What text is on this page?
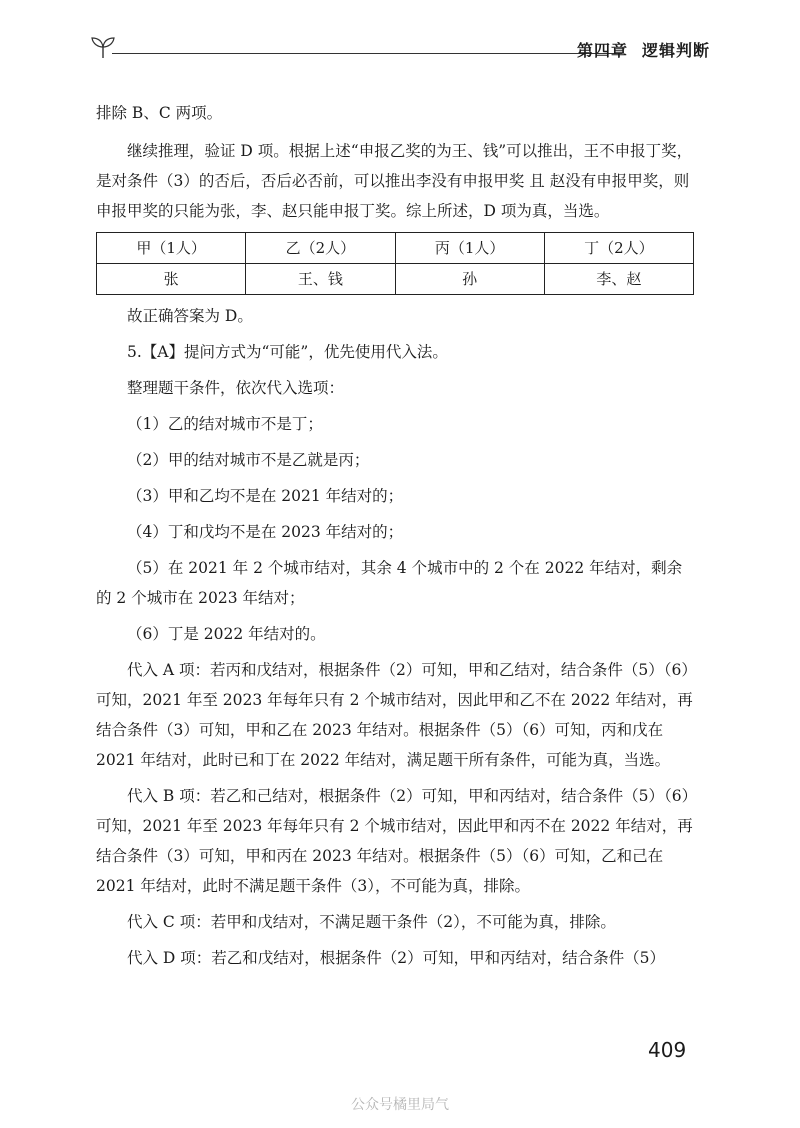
第四章 逻辑判断

排除 B、C 两项。

继续推理，验证 D 项。根据上述“申报乙奖的为王、钱”可以推出，王不申报丁奖，是对条件（3）的否后，否后必否前，可以推出李没有申报甲奖 且 赵没有申报甲奖，则申报甲奖的只能为张，李、赵只能申报丁奖。综上所述，D 项为真，当选。

甲（1人）	乙（2人）	丙（1人）	丁（2人）
张	王、钱	孙	李、赵

故正确答案为 D。

5.【A】提问方式为“可能”，优先使用代入法。

整理题干条件，依次代入选项：

（1）乙的结对城市不是丁；

（2）甲的结对城市不是乙就是丙；

（3）甲和乙均不是在 2021 年结对的；

（4）丁和戊均不是在 2023 年结对的；

（5）在 2021 年 2 个城市结对，其余 4 个城市中的 2 个在 2022 年结对，剩余的 2 个城市在 2023 年结对；

（6）丁是 2022 年结对的。

代入 A 项：若丙和戊结对，根据条件（2）可知，甲和乙结对，结合条件（5）（6）可知，2021 年至 2023 年每年只有 2 个城市结对，因此甲和乙不在 2022 年结对，再结合条件（3）可知，甲和乙在 2023 年结对。根据条件（5）（6）可知，丙和戊在 2021 年结对，此时已和丁在 2022 年结对，满足题干所有条件，可能为真，当选。

代入 B 项：若乙和己结对，根据条件（2）可知，甲和丙结对，结合条件（5）（6）可知，2021 年至 2023 年每年只有 2 个城市结对，因此甲和丙不在 2022 年结对，再结合条件（3）可知，甲和丙在 2023 年结对。根据条件（5）（6）可知，乙和己在 2021 年结对，此时不满足题干条件（3），不可能为真，排除。

代入 C 项：若甲和戊结对，不满足题干条件（2），不可能为真，排除。

代入 D 项：若乙和戊结对，根据条件（2）可知，甲和丙结对，结合条件（5）

409
公众号橘里局气
